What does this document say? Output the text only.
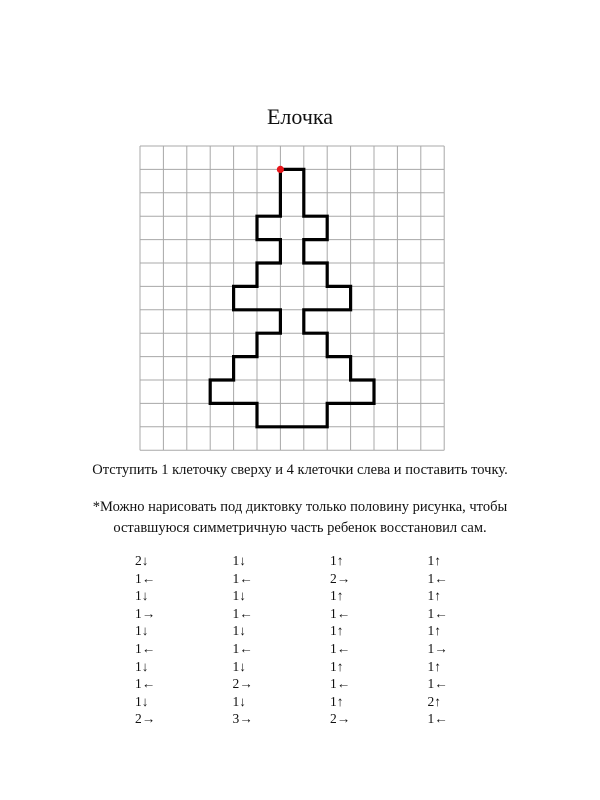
Елочка
Отступить 1 клеточку сверху и 4 клеточки слева и поставить точку.
*Можно нарисовать под диктовку только половину рисунка, чтобы
оставшуюся симметричную часть ребенок восстановил сам.
2↓
1←
1↓
1→
1↓
1←
1↓
1←
1↓
2→
1↓
1←
1↓
1←
1↓
1←
1↓
2→
1↓
3→
1↑
2→
1↑
1←
1↑
1←
1↑
1←
1↑
2→
1↑
1←
1↑
1←
1↑
1→
1↑
1←
2↑
1←
